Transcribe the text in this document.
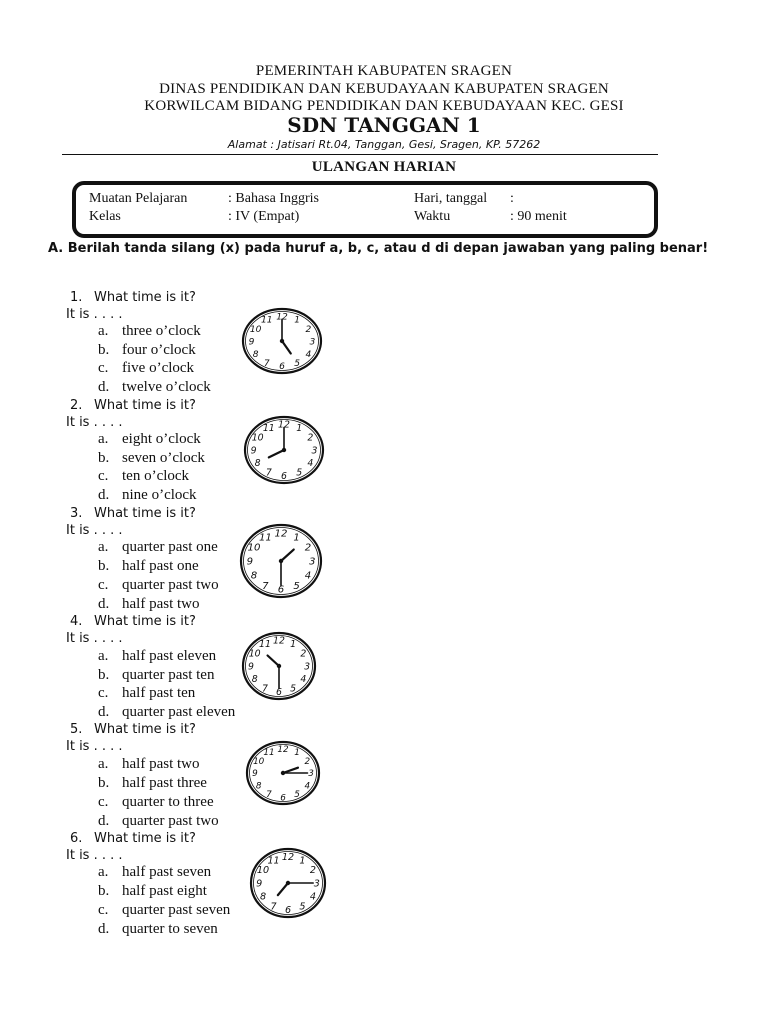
PEMERINTAH KABUPATEN SRAGEN
DINAS PENDIDIKAN DAN KEBUDAYAAN KABUPATEN SRAGEN
KORWILCAM BIDANG PENDIDIKAN DAN KEBUDAYAAN KEC. GESI
SDN TANGGAN 1
Alamat : Jatisari Rt.04, Tanggan, Gesi, Sragen, KP. 57262
ULANGAN HARIAN
Muatan Pelajaran	: Bahasa Inggris	Hari, tanggal :
Kelas	: IV (Empat)	Waktu	: 90 menit
A. Berilah tanda silang (x) pada huruf a, b, c, atau d di depan jawaban yang paling benar!
1. What time is it?
It is . . . .
a. three o’clock
b. four o’clock
c. five o’clock
d. twelve o’clock
12 1
2
3
4
5
6
7
8
9
10
11
2. What time is it?
It is . . . .
a. eight o’clock
b. seven o’clock
c. ten o’clock
d. nine o’clock
12 1
2
3
4
5
6
7
8
9
10
11
3. What time is it?
It is . . . .
a. quarter past one
b. half past one
c. quarter past two
d. half past two
12 1
2
3
4
5
6
7
8
9
10
11
4. What time is it?
It is . . . .
a. half past eleven
b. quarter past ten
c. half past ten
d. quarter past eleven
12 1
2
3
4
5
6
7
8
9
10
11
5. What time is it?
It is . . . .
a. half past two
b. half past three
c. quarter to three
d. quarter past two
12 1
2
3
4
5
6
7
8
9
10
11
6. What time is it?
It is . . . .
a. half past seven
b. half past eight
c. quarter past seven
d. quarter to seven
12 1
2
3
4
5
6
7
8
9
10
11
